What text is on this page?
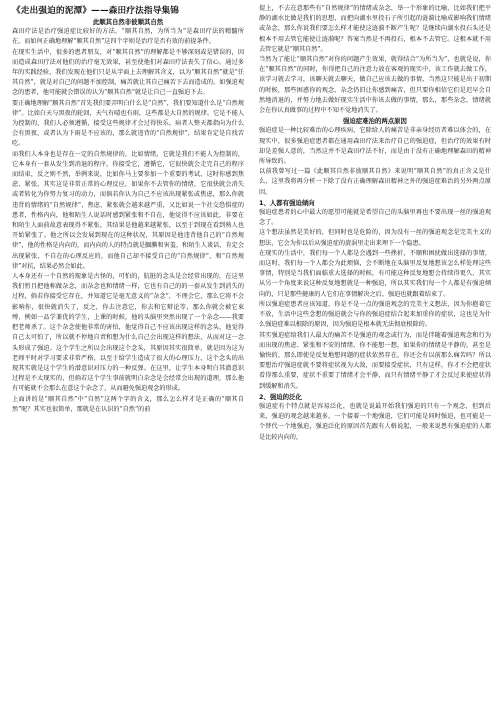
《走出强迫的泥潭》——森田疗法指导集锦

此顺其自然非彼顺其自然

森田疗法是治疗强迫症比较好的方法，“顺其自然，为所当为”是森田疗法的精髓所在，而如何正确地理解“顺其自然”这四个字则是治疗是否有效的前提条件。

在现实生活中，很多的患者朋友，对“顺其自然”的理解都是不够深刻或是错误的，因而造成森田疗法对他们的治疗毫无效果，甚至使他们对森田疗法丧失了信心。通过多年的实践经验，我们发现在他们只是从字面上去理解其含义，以为“顺其自然”就是“任其自然”，就是对自己的问题不加控制，痛苦就让其自己痛苦下去而造成的。如强迫观念的患者，他可能就会错误的认为“顺其自然”就是让自己一直强迫下去。

要正确地理解“顺其自然”首先我们要弄明白什么是“自然”，我们要知道什么是“自然规律”。比如白天与黑夜的轮回，天气有晴也有雨，这些都是大自然的规律。它是不能人为控制的，我们人必须遵循，接受这些规律才会过得快乐。病者人整天都指向为什么会有黑夜，或者认为下雨是不应该的，那么就违背的“自然规律”，结果肯定是自找苦吃。

而我们人本身也是存在一定的自然规律的，比如情绪，它就是我们不能人为控制的，它本身有一套从发生到消退的程序，你接受它，遵循它，它很快就会走完自己的程序而结束，反之则不然，举例来说，比如你马上要参加一个重要的考试，这时你感到焦虑、紧张，其实这是非常正常的心理反应，如果你不去管你的情绪，它很快就会消失或者转化为你努力复习的动力，而倘若你认为自己不应该出现紧张或焦虑，那么你就违背的情绪的“自然规律”，焦虑、紧张就会越来越严重，又比如说一个社交恐惧症的患者，性格内向，他和陌生人说话时感到紧张和不自在，他觉得不应该如此，非要在和陌生人面前故意表现得不紧张，其结果是他越来越紧张，以至于到现在看到熟人也开始紧张了。他之所以会发展到现在的这种状况，其原因是他违背他自己的“自然规律”，他的性格是内向的，而内向的人的特点就是腼腆和害羞，和陌生人谈话，肯定会出现紧张、不自在的心理反应的，而他自己却不接受自己的“自然规律”，和“自然规律”对抗，结果必然会如此。

人本身还有一个自然的现象是古怪的，可怕的，肮脏的念头是会经常出现的，在这里我们暂且把他称做杂念，而杂念也和情绪一样，它也有自己的的一套从发生到消失的过程，倘若你接受它存在，并知道它是毫无意义的“杂念”，不理会它，那么它将不会影响你，很快就消失了，反之，你去注意它，你去和它辩论等，那么你就会被它束缚，例如一品学兼优的学生，上课的时候，他的头脑里突然出现了一个杂念——我要把老师杀了。这个杂念使他非常的害怕，他觉得自己不应该出现这样的念头，他觉得自己太可怕了，所以就不停地自责和想为什么自己会出现这样的想法，从而对这一念头形成了强迫。这个学生之所以会出现这个念头，其原因其实很简单，就是因为这为老师平时对学习要求非常严格，以至于给学生造成了很大的心理压力，这个念头的出现其实就是这个学生的潜意识对压力的一种反弹。在这里，让学生本身明白其潜意识过程是不太现实的，但倘若这个学生事前就明白杂念是会经常会出现的道理，那么他有可能就不会那么在意这个杂念了，从而避免强迫观念的形成。

上面讲的是“顺其自然”中“自然”这两个字的含义，那么怎么样才是正确的“顺其自然”呢？其实也很简单，那就是在认识的“自然”的前

提上，不去在意那些有“自然规律”的情绪或杂念，举一个形象的比喻，比如我们把平静的湖水比做是我们的思想，而把向湖水里投石子所引起的涟漪比喻成影响我们情绪或杂念，那么你说我们要怎么样才能使这涟漪不断产生呢？是继续向湖水投石头还是根本不用去管它能使让涟漪呢？答案当然是不再投石，根本不去管它。这根本就不用去管它就是“顺其自然”。

当然为了能让“顺其自然”对你的问题产生效果，就得结合“为所当为”，也就是说，你在“顺其自然”的同时，你得把自己的注意力放在客观的现实中，该工作就去做工作，该学习就去学习，该聊天就去聊天，做自己应该去做的事情，当然这只能是出于初期的时候，那些困惑你的观念、杂念仍旧让你感到痛苦，但只要你相信它们是迟早会自然地消退的，并努力地去做好现实生活中你该去做的事情，那么，那些杂念，情绪就会在你认真做事的过程中不知不觉地消失了。

强迫症难治的两点原因

强迫症是一种比较难治的心理疾病，它除给人的痛苦是非亲身经历者难以体会的，在现实中，很多强迫症患者都在通用森田疗法来治疗自己的强迫症，但治疗的效果有时却是差强人意的，当然这并不是森田疗法不好，而是由于没有正确地理解森田的精神所导致的。

以前我曾写过一篇《此顺其自然非彼顺其自然》来说明“顺其自然”的真正含义是什么，这里我将再分析一下除了没有正确理解森田精神之外的强迫症难治的另外两点原因。

1、人都有强迫倾向

强迫症患者的心中最大的愿望可能就是希望自己的头脑里再也不要出现一丝的强迫观念了。

这个想法虽然是美好的，但同时也是危险的，因为没有一丝的强迫观念是完美主义的想法，它会为你以后从强迫症的旋涡里走出来埋下一个隐患。

在现实的生活中，我们每一个人都是会遇到一些挫折，不顺和困扰做出选择的事情，而这时，我们每一个人都会为此烦恼，会不断地在头脑里反复地想该怎么样处理这些事情，特别是当我们面临重大选择的时候，有可能这种反复地想会持续得更久，其实从另一个角度来说这种反复地想就是一种强迫，所以其实我们每一个人都是有强迫倾向的，只是那些健康的人它们在事情解决之后，强迫也就跟着结束了。

所以强迫症患者应该知道，你是不是一点的强迫观念的完美主义想法，因为你抱着它不放，生活中这些念想的强迫就会与你的强迫症结合起来加重你的症状，这也是为什么强迫症难以根除的原因，因为强迫是根本就无法彻底根除的。

其实强迫症给我们人最大的痛苦不是强迫的观念或行为，而是伴随着强迫观念和行为而出现的焦虑、紧张和不安的情绪，你不能想一想，如果你的情绪是平静的，甚至是愉快的，那么即使是反复地想问题的症状依然存在，你还会有以前那么痛苦吗？所以要想治疗强迫症就不要将症状视为大敌，而要接受症状，只有这样，你才不会把症状看得那么重要，症状不重要了情绪才会平静，而只有情绪平静了才会反过来使症状得到缓解和消失。

2、强迫的泛化

强迫症有个特点就是容易泛化，也就是说最开始我们强迫的只有一个观念，但到后来，强迫的观念越来越多，一个接着一个地强迫，它们可能是同时强迫，也可能是一个替代一个地强迫，强迫泛化的原因首先跟有人格说起，一般来说患有强迫症的人都是比较内向的，
